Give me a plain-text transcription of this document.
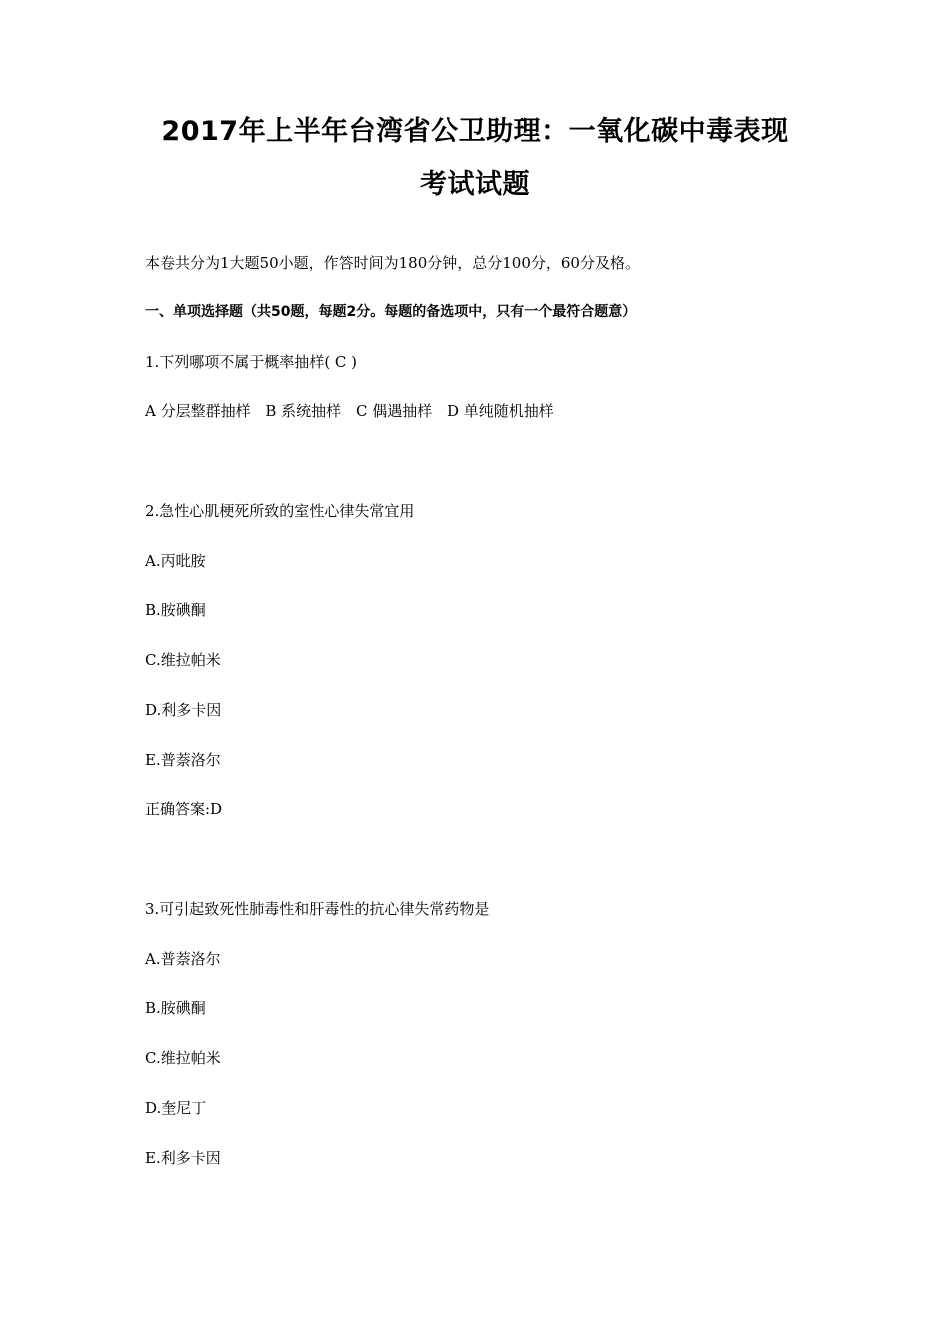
2017年上半年台湾省公卫助理：一氧化碳中毒表现
考试试题
本卷共分为1大题50小题，作答时间为180分钟，总分100分，60分及格。
一、单项选择题（共50题，每题2分。每题的备选项中，只有一个最符合题意）
1.下列哪项不属于概率抽样( C )
A 分层整群抽样 B 系统抽样 C 偶遇抽样 D 单纯随机抽样
2.急性心肌梗死所致的室性心律失常宜用
A.丙吡胺
B.胺碘酮
C.维拉帕米
D.利多卡因
E.普萘洛尔
正确答案:D
3.可引起致死性肺毒性和肝毒性的抗心律失常药物是
A.普萘洛尔
B.胺碘酮
C.维拉帕米
D.奎尼丁
E.利多卡因
